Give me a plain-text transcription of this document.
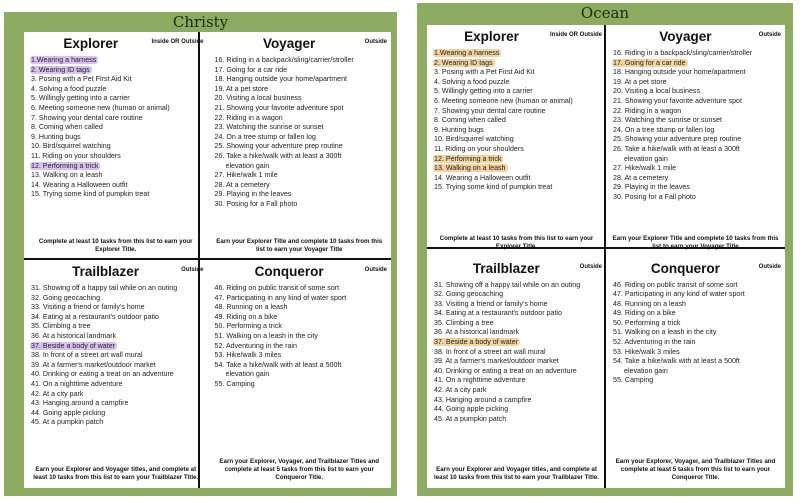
Christy
Explorer	Inside OR Outside
1.Wearing a harness
2. Wearing ID tags
3. Posing with a Pet First Aid Kit
4. Solving a food puzzle
5. Willingly getting into a carrier
6. Meeting someone new (human or animal)
7. Showing your dental care routine
8. Coming when called
9. Hunting bugs
10. Bird/squirrel watching
11. Riding on your shoulders
12. Performing a trick
13. Walking on a leash
14. Wearing a Halloween outfit
15. Trying some kind of pumpkin treat
Complete at least 10 tasks from this list to earn your Explorer Title.
Voyager	Outside
16. Riding in a backpack/sling/carrier/stroller
17. Going for a car ride
18. Hanging outside your home/apartment
19. At a pet store
20. Visiting a local business
21. Showing your favorite adventure spot
22. Riding in a wagon
23. Watching the sunrise or sunset
24. On a tree stump or fallen log
25. Showing your adventure prep routine
26. Take a hike/walk with at least a 300ft
elevation gain
27. Hike/walk 1 mile
28. At a cemetery
29. Playing in the leaves
30. Posing for a Fall photo
Earn your Explorer Title and complete 10 tasks from this list to earn your Voyager Title
Trailblazer	Outside
31. Showing off a happy tail while on an outing
32. Going geocaching
33. Visiting a friend or family's home
34. Eating at a restaurant's outdoor patio
35. Climbing a tree
36. At a historical landmark
37. Beside a body of water
38. In front of a street art wall mural
39. At a farmer's market/outdoor market
40. Drinking or eating a treat on an adventure
41. On a nighttime adventure
42. At a city park
43. Hanging around a campfire
44. Going apple picking
45. At a pumpkin patch
Earn your Explorer and Voyager titles, and complete at least 10 tasks from this list to earn your Trailblazer Title.
Conqueror	Outside
46. Riding on public transit of some sort
47. Participating in any kind of water sport
48. Running on a leash
49. Riding on a bike
50. Performing a trick
51. Walking on a leash in the city
52. Adventuring in the rain
53. Hike/walk 3 miles
54. Take a hike/walk with at least a 500ft
elevation gain
55. Camping
Earn your Explorer, Voyager, and Trailblazer Titles and complete at least 5 tasks from this list to earn your Conqueror Title.
Ocean
Explorer	Inside OR Outside
1.Wearing a harness
2. Wearing ID tags
3. Posing with a Pet First Aid Kit
4. Solving a food puzzle
5. Willingly getting into a carrier
6. Meeting someone new (human or animal)
7. Showing your dental care routine
8. Coming when called
9. Hunting bugs
10. Bird/squirrel watching
11. Riding on your shoulders
12. Performing a trick
13. Walking on a leash
14. Wearing a Halloween outfit
15. Trying some kind of pumpkin treat
Complete at least 10 tasks from this list to earn your Explorer Title.
Voyager	Outside
16. Riding in a backpack/sling/carrier/stroller
17. Going for a car ride
18. Hanging outside your home/apartment
19. At a pet store
20. Visiting a local business
21. Showing your favorite adventure spot
22. Riding in a wagon
23. Watching the sunrise or sunset
24. On a tree stump or fallen log
25. Showing your adventure prep routine
26. Take a hike/walk with at least a 300ft
elevation gain
27. Hike/walk 1 mile
28. At a cemetery
29. Playing in the leaves
30. Posing for a Fall photo
Earn your Explorer Title and complete 10 tasks from this list to earn your Voyager Title
Trailblazer	Outside
31. Showing off a happy tail while on an outing
32. Going geocaching
33. Visiting a friend or family's home
34. Eating at a restaurant's outdoor patio
35. Climbing a tree
36. At a historical landmark
37. Beside a body of water
38. In front of a street art wall mural
39. At a farmer's market/outdoor market
40. Drinking or eating a treat on an adventure
41. On a nighttime adventure
42. At a city park
43. Hanging around a campfire
44. Going apple picking
45. At a pumpkin patch
Earn your Explorer and Voyager titles, and complete at least 10 tasks from this list to earn your Trailblazer Title.
Conqueror	Outside
46. Riding on public transit of some sort
47. Participating in any kind of water sport
48. Running on a leash
49. Riding on a bike
50. Performing a trick
51. Walking on a leash in the city
52. Adventuring in the rain
53. Hike/walk 3 miles
54. Take a hike/walk with at least a 500ft
elevation gain
55. Camping
Earn your Explorer, Voyager, and Trailblazer Titles and complete at least 5 tasks from this list to earn your Conqueror Title.
